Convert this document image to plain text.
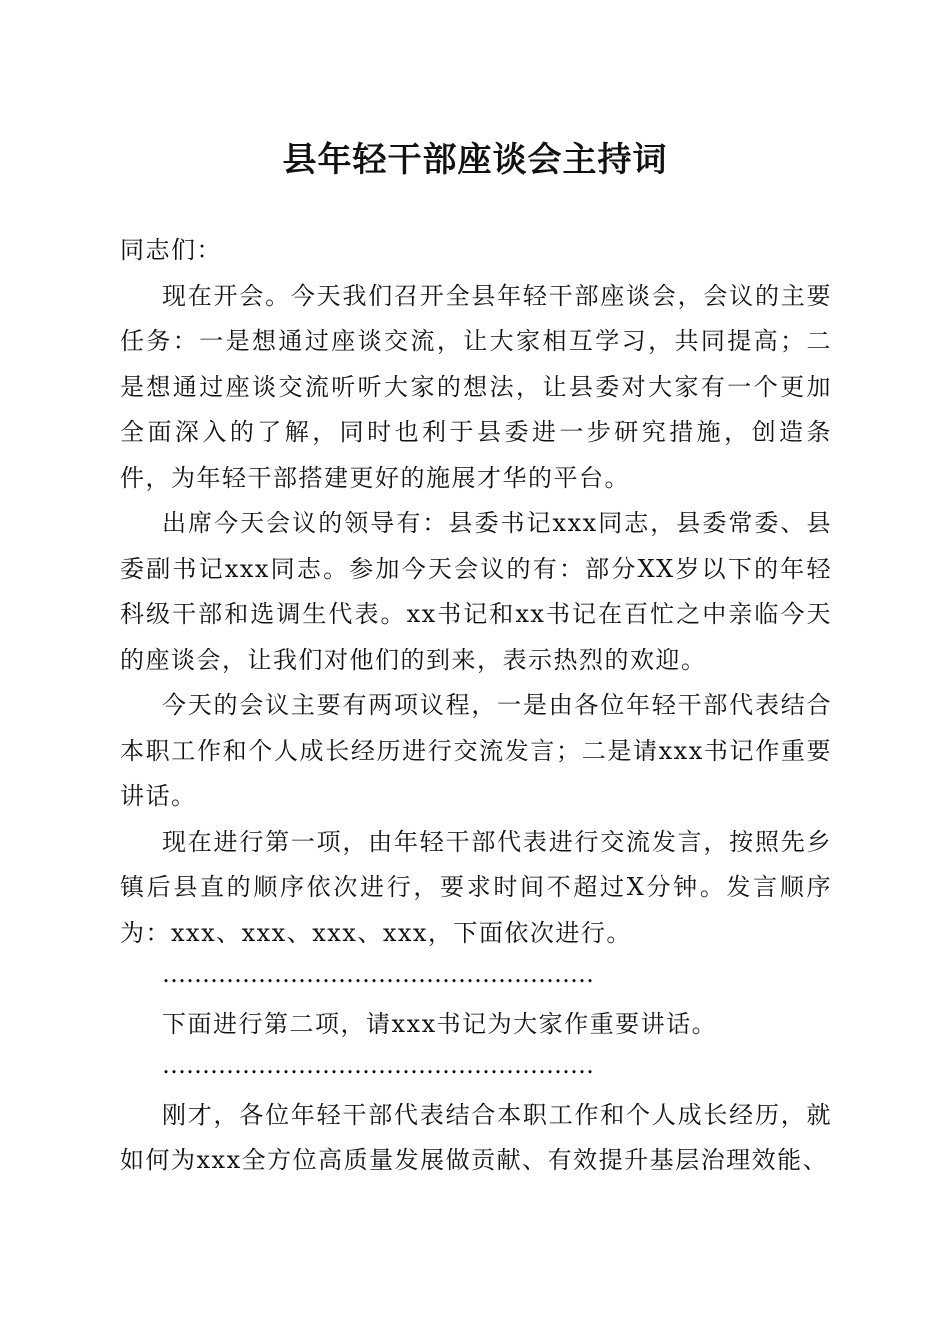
县年轻干部座谈会主持词

同志们：

现在开会。今天我们召开全县年轻干部座谈会，会议的主要任务：一是想通过座谈交流，让大家相互学习，共同提高；二是想通过座谈交流听听大家的想法，让县委对大家有一个更加全面深入的了解，同时也利于县委进一步研究措施，创造条件，为年轻干部搭建更好的施展才华的平台。

出席今天会议的领导有：县委书记xxx同志，县委常委、县委副书记xxx同志。参加今天会议的有：部分XX岁以下的年轻科级干部和选调生代表。xx书记和xx书记在百忙之中亲临今天的座谈会，让我们对他们的到来，表示热烈的欢迎。

今天的会议主要有两项议程，一是由各位年轻干部代表结合本职工作和个人成长经历进行交流发言；二是请xxx书记作重要讲话。

现在进行第一项，由年轻干部代表进行交流发言，按照先乡镇后县直的顺序依次进行，要求时间不超过X分钟。发言顺序为：xxx、xxx、xxx、xxx，下面依次进行。

………………………………………………

下面进行第二项，请xxx书记为大家作重要讲话。

………………………………………………

刚才，各位年轻干部代表结合本职工作和个人成长经历，就如何为xxx全方位高质量发展做贡献、有效提升基层治理效能、
